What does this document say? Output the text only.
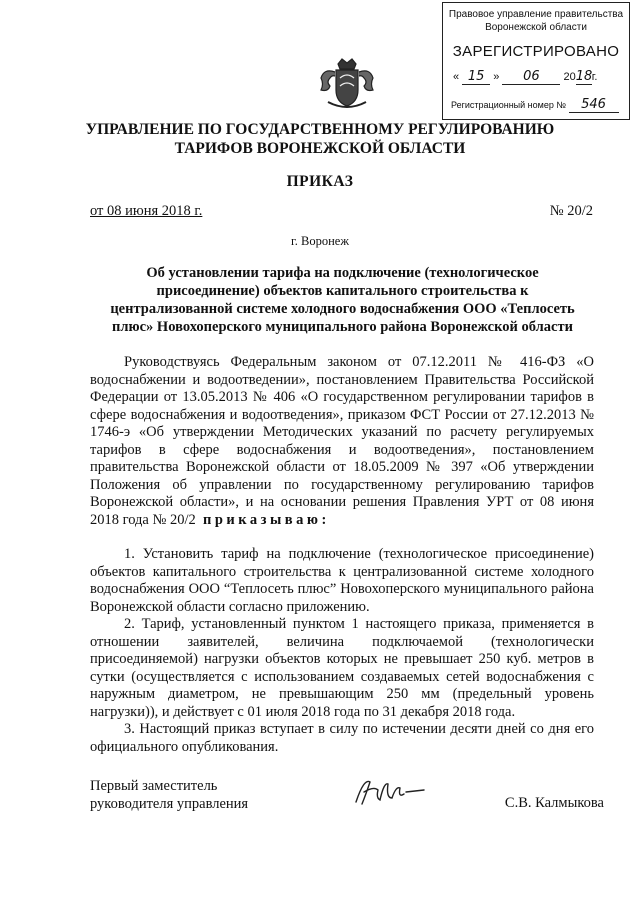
Правовое управление правительства
Воронежской области
ЗАРЕГИСТРИРОВАНО
« 15 » 06 2018г.
Регистрационный номер № 546
УПРАВЛЕНИЕ ПО ГОСУДАРСТВЕННОМУ РЕГУЛИРОВАНИЮ
ТАРИФОВ ВОРОНЕЖСКОЙ ОБЛАСТИ
ПРИКАЗ
от 08 июня 2018 г.	№ 20/2
г. Воронеж
Об установлении тарифа на подключение (технологическое присоединение) объектов капитального строительства к централизованной системе холодного водоснабжения ООО «Теплосеть плюс» Новохоперского муниципального района Воронежской области

Руководствуясь Федеральным законом от 07.12.2011 № 416-ФЗ «О водоснабжении и водоотведении», постановлением Правительства Российской Федерации от 13.05.2013 № 406 «О государственном регулировании тарифов в сфере водоснабжения и водоотведения», приказом ФСТ России от 27.12.2013 № 1746-э «Об утверждении Методических указаний по расчету регулируемых тарифов в сфере водоснабжения и водоотведения», постановлением правительства Воронежской области от 18.05.2009 № 397 «Об утверждении Положения об управлении по государственному регулированию тарифов Воронежской области», и на основании решения Правления УРТ от 08 июня 2018 года № 20/2 приказываю:

1. Установить тариф на подключение (технологическое присоединение) объектов капитального строительства к централизованной системе холодного водоснабжения ООО “Теплосеть плюс” Новохоперского муниципального района Воронежской области согласно приложению.

2. Тариф, установленный пунктом 1 настоящего приказа, применяется в отношении заявителей, величина подключаемой (технологически присоединяемой) нагрузки объектов которых не превышает 250 куб. метров в сутки (осуществляется с использованием создаваемых сетей водоснабжения с наружным диаметром, не превышающим 250 мм (предельный уровень нагрузки)), и действует с 01 июля 2018 года по 31 декабря 2018 года.

3. Настоящий приказ вступает в силу по истечении десяти дней со дня его официального опубликования.

Первый заместитель
руководителя управления	С.В. Калмыкова
